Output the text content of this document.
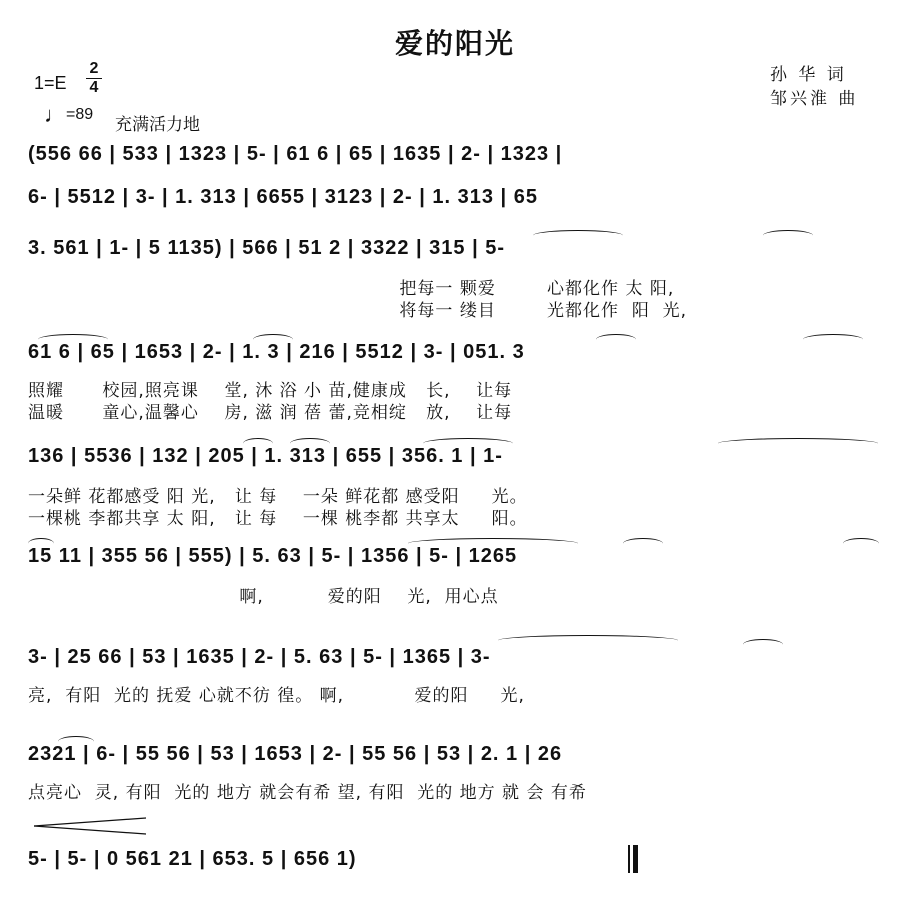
爱的阳光
1=E
2
4
♩ =89
充满活力地
孙 华 词
邹兴淮 曲
(556 66 | 533 | 1323 | 5- | 61 6 | 65 | 1635 | 2- | 1323 |
6- | 5512 | 3- | 1. 313 | 6655 | 3123 | 2- | 1. 313 | 65
3. 561 | 1- | 5 1135) | 566 | 51 2 | 3322 | 315 | 5-
把每一 颗爱        心都化作 太 阳,
将每一 缕目        光都化作  阳  光,
61 6 | 65 | 1653 | 2- | 1. 3 | 216 | 5512 | 3- | 051. 3
照耀      校园,照亮课    堂, 沐 浴 小 苗,健康成   长,    让每
温暖      童心,温馨心    房, 滋 润 蓓 蕾,竞相绽   放,    让每
136 | 5536 | 132 | 205 | 1. 313 | 655 | 356. 1 | 1-
一朵鲜 花都感受 阳 光,   让 每    一朵 鲜花都 感受阳     光。
一棵桃 李都共享 太 阳,   让 每    一棵 桃李都 共享太     阳。
15 11 | 355 56 | 555) | 5. 63 | 5- | 1356 | 5- | 1265
啊,          爱的阳    光,  用心点
3- | 25 66 | 53 | 1635 | 2- | 5. 63 | 5- | 1365 | 3-
亮,  有阳  光的 抚爱 心就不彷 徨。 啊,           爱的阳     光,
2321 | 6- | 55 56 | 53 | 1653 | 2- | 55 56 | 53 | 2. 1 | 26
点亮心  灵, 有阳  光的 地方 就会有希 望, 有阳  光的 地方 就 会 有希
5- | 5- | 0 561 21 | 653. 5 | 656 1)
